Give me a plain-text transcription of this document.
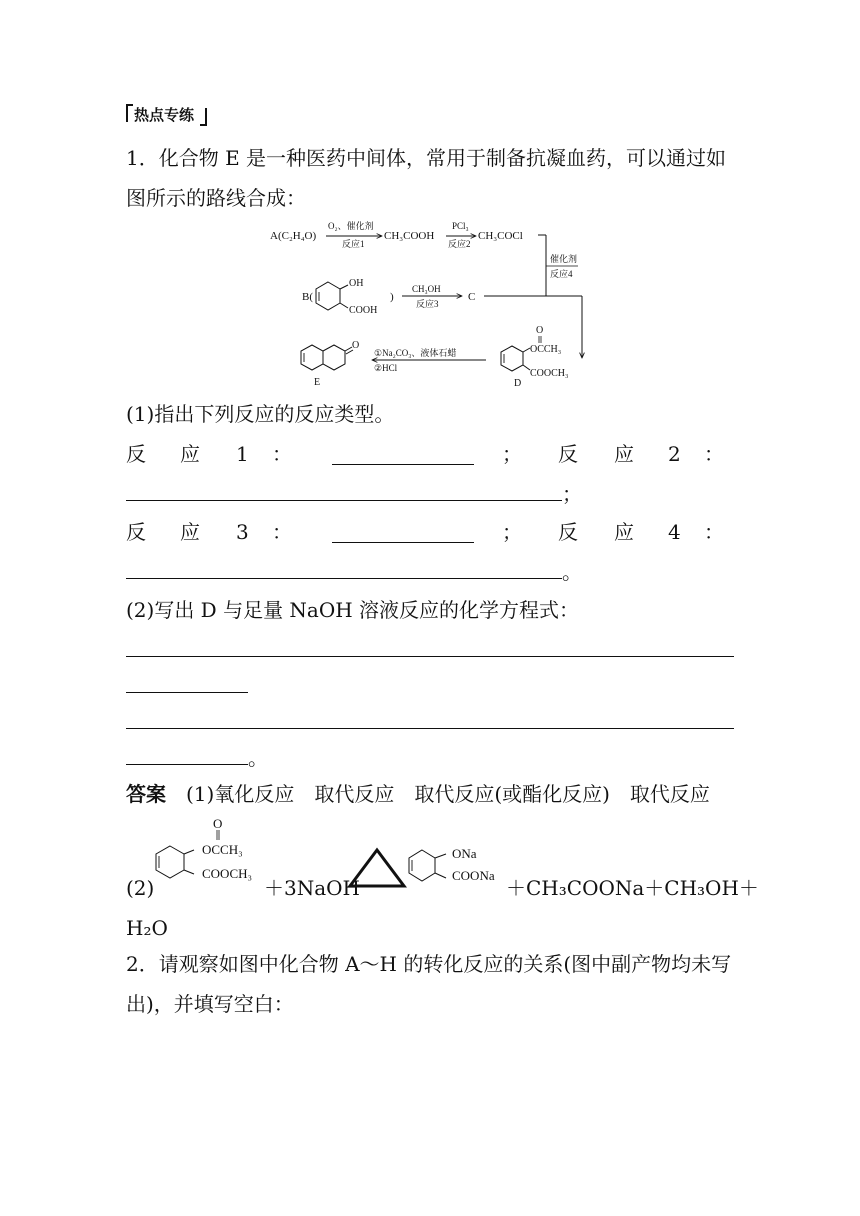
热点专练
1．化合物 E 是一种医药中间体，常用于制备抗凝血药，可以通过如
图所示的路线合成：
A(C₂H₄O)
O₂、催化剂
反应1
CH₃COOH
PCl₃
反应2
CH₃COCl
催化剂
反应4
B(
OH
COOH
)
CH₃OH
反应3
C
O
E
①Na₂CO₃、液体石蜡
②HCl
O
OCCH₃
COOCH₃
D
(1)指出下列反应的反应类型。
反 应 1 ：	； 反 应 2 ：
；
反 应 3 ：	； 反 应 4 ：
。
(2)写出 D 与足量 NaOH 溶液反应的化学方程式：
。
答案 (1)氧化反应　取代反应　取代反应(或酯化反应)　取代反应
(2)
O
OCCH₃
COOCH₃
＋3NaOH
ONa
COONa
＋CH₃COONa＋CH₃OH＋
H₂O
2．请观察如图中化合物 A～H 的转化反应的关系(图中副产物均未写
出)，并填写空白：
